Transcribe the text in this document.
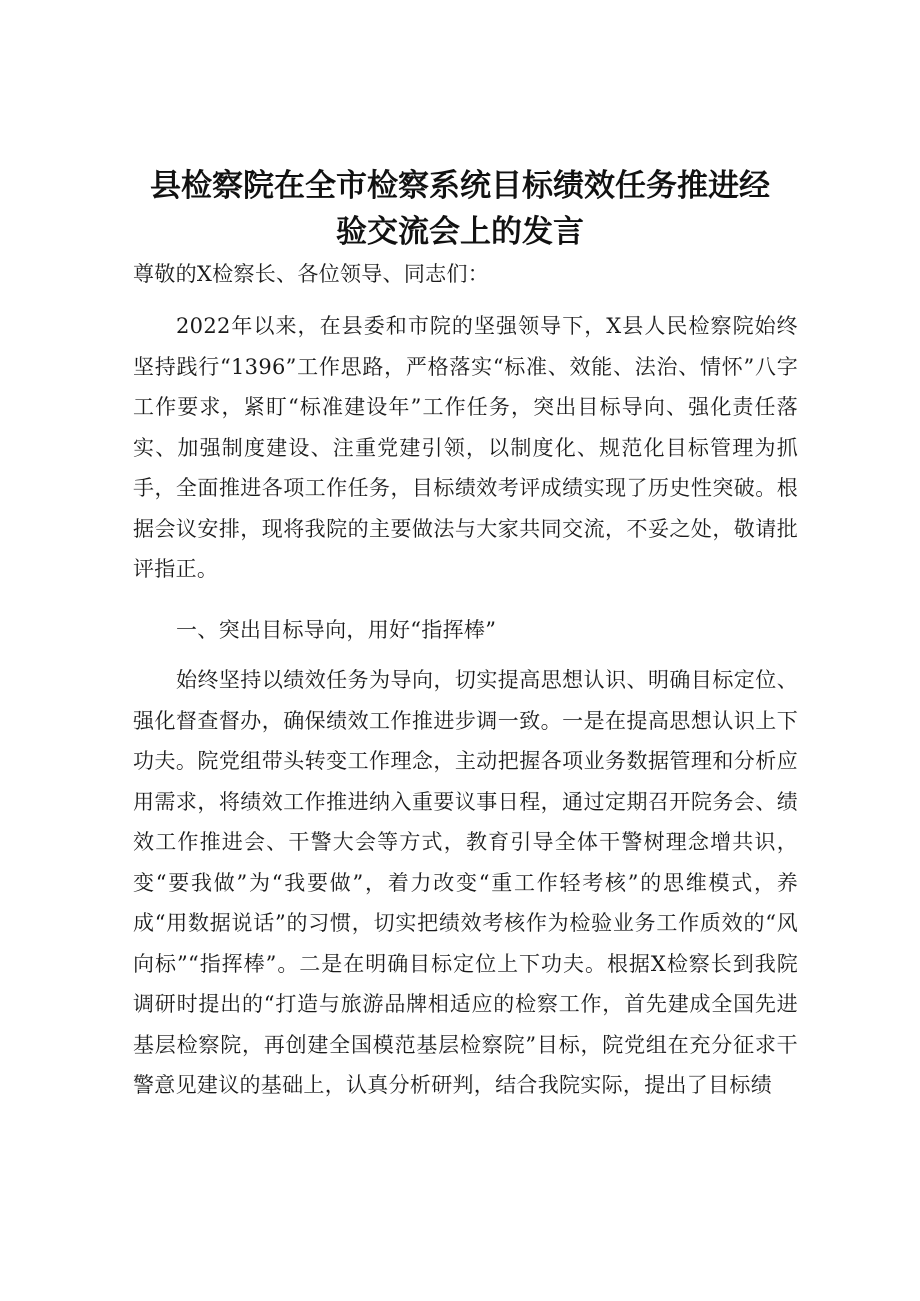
县检察院在全市检察系统目标绩效任务推进经
验交流会上的发言
尊敬的X检察长、各位领导、同志们：
2022年以来，在县委和市院的坚强领导下，X县人民检察院始终坚持践行“1396”工作思路，严格落实“标准、效能、法治、情怀”八字工作要求，紧盯“标准建设年”工作任务，突出目标导向、强化责任落实、加强制度建设、注重党建引领，以制度化、规范化目标管理为抓手，全面推进各项工作任务，目标绩效考评成绩实现了历史性突破。根据会议安排，现将我院的主要做法与大家共同交流，不妥之处，敬请批评指正。
一、突出目标导向，用好“指挥棒”
始终坚持以绩效任务为导向，切实提高思想认识、明确目标定位、强化督查督办，确保绩效工作推进步调一致。一是在提高思想认识上下功夫。院党组带头转变工作理念，主动把握各项业务数据管理和分析应用需求，将绩效工作推进纳入重要议事日程，通过定期召开院务会、绩效工作推进会、干警大会等方式，教育引导全体干警树理念增共识，变“要我做”为“我要做”，着力改变“重工作轻考核”的思维模式，养成“用数据说话”的习惯，切实把绩效考核作为检验业务工作质效的“风向标”“指挥棒”。二是在明确目标定位上下功夫。根据X检察长到我院调研时提出的“打造与旅游品牌相适应的检察工作，首先建成全国先进基层检察院，再创建全国模范基层检察院”目标，院党组在充分征求干警意见建议的基础上，认真分析研判，结合我院实际，提出了目标绩
